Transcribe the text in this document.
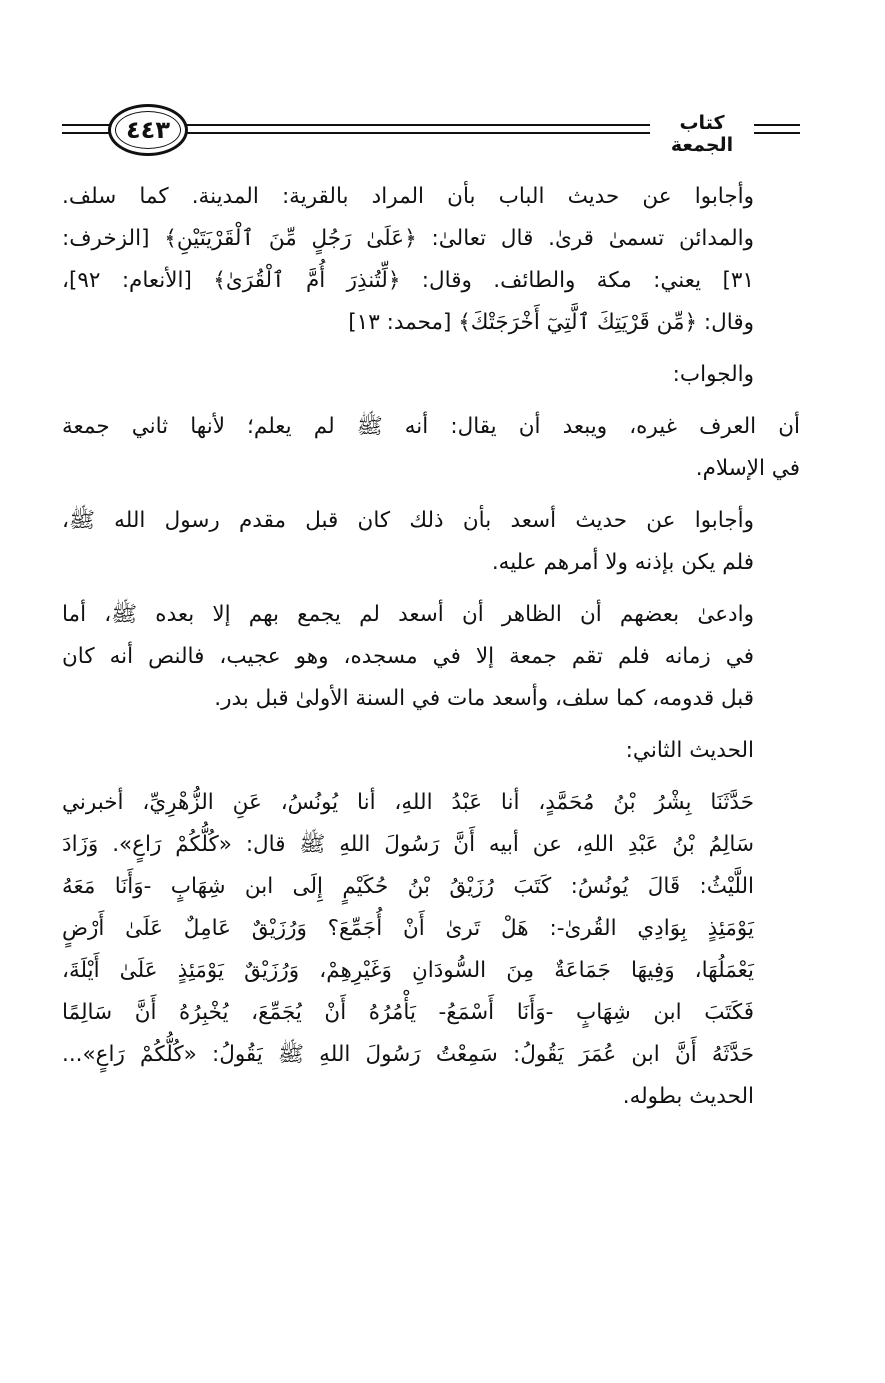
٤٤٣	كتاب الجمعة

وأجابوا عن حديث الباب بأن المراد بالقرية: المدينة. كما سلف.
والمدائن تسمىٰ قرىٰ. قال تعالىٰ: ﴿عَلَىٰ رَجُلٍ مِّنَ ٱلْقَرْيَتَيْنِ﴾ [الزخرف:
٣١] يعني: مكة والطائف. وقال: ﴿لِّتُنذِرَ أُمَّ ٱلْقُرَىٰ﴾ [الأنعام: ٩٢]،
وقال: ﴿مِّن قَرْيَتِكَ ٱلَّتِيٓ أَخْرَجَتْكَ﴾ [محمد: ١٣]

والجواب:

أن العرف غيره، ويبعد أن يقال: أنه ﷺ لم يعلم؛ لأنها ثاني جمعة
في الإسلام.

وأجابوا عن حديث أسعد بأن ذلك كان قبل مقدم رسول الله ﷺ،
فلم يكن بإذنه ولا أمرهم عليه.

وادعىٰ بعضهم أن الظاهر أن أسعد لم يجمع بهم إلا بعده ﷺ، أما
في زمانه فلم تقم جمعة إلا في مسجده، وهو عجيب، فالنص أنه كان
قبل قدومه، كما سلف، وأسعد مات في السنة الأولىٰ قبل بدر.

الحديث الثاني:

حَدَّثَنَا بِشْرُ بْنُ مُحَمَّدٍ، أنا عَبْدُ اللهِ، أنا يُونُسُ، عَنِ الزُّهْرِيِّ، أخبرني
سَالِمُ بْنُ عَبْدِ اللهِ، عن أبيه أَنَّ رَسُولَ اللهِ ﷺ قال: «كُلُّكُمْ رَاعٍ». وَزَادَ
اللَّيْثُ: قَالَ يُونُسُ: كَتَبَ رُزَيْقُ بْنُ حُكَيْمٍ إِلَى ابن شِهَابٍ -وَأَنَا مَعَهُ
يَوْمَئِذٍ بِوَادِي القُرىٰ-: هَلْ تَرىٰ أَنْ أُجَمِّعَ؟ وَرُزَيْقٌ عَامِلٌ عَلَىٰ أَرْضٍ
يَعْمَلُهَا، وَفِيهَا جَمَاعَةٌ مِنَ السُّودَانِ وَغَيْرِهِمْ، وَرُزَيْقٌ يَوْمَئِذٍ عَلَىٰ أَيْلَةَ،
فَكَتَبَ ابن شِهَابٍ -وَأَنَا أَسْمَعُ- يَأْمُرُهُ أَنْ يُجَمِّعَ، يُخْبِرُهُ أَنَّ سَالِمًا
حَدَّثَهُ أَنَّ ابن عُمَرَ يَقُولُ: سَمِعْتُ رَسُولَ اللهِ ﷺ يَقُولُ: «كُلُّكُمْ رَاعٍ»...
الحديث بطوله.
